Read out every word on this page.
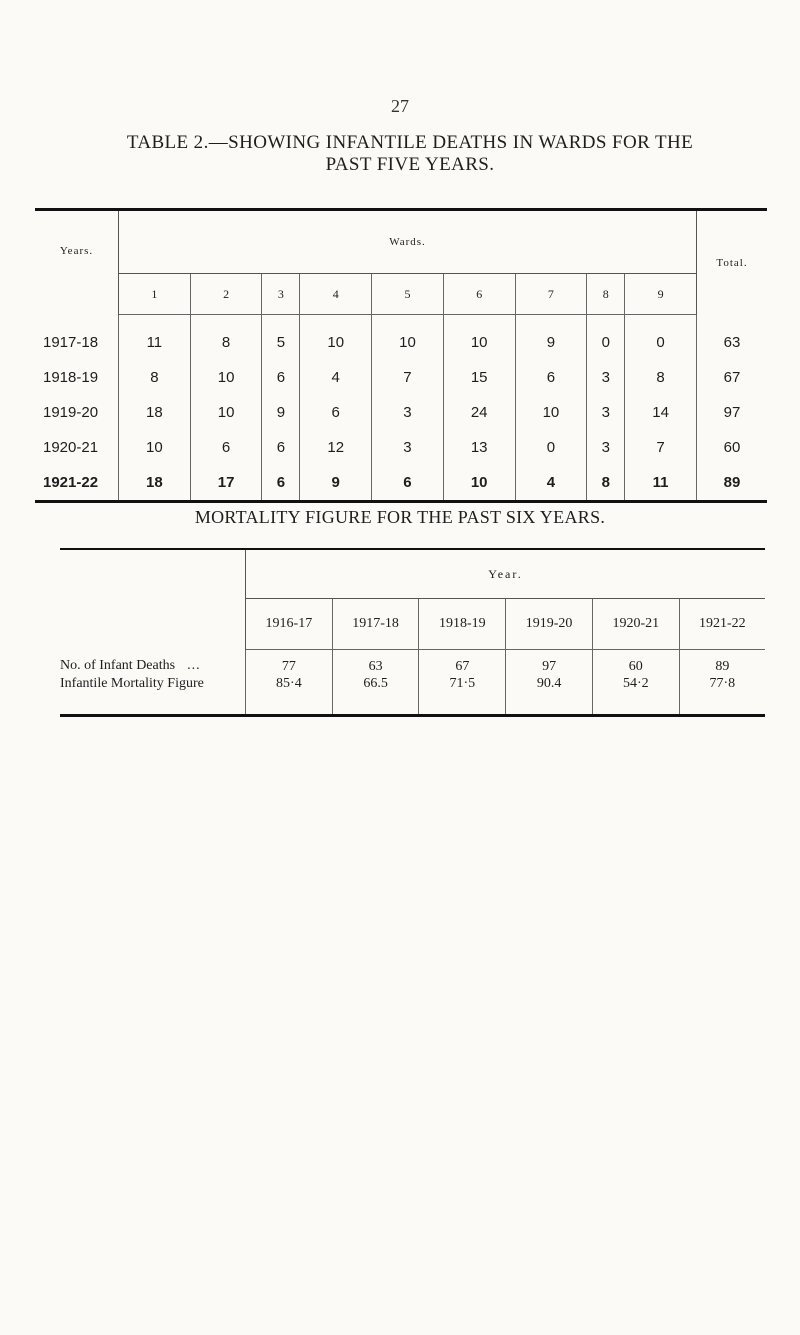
27
TABLE 2.—SHOWING INFANTILE DEATHS IN WARDS FOR THE
PAST FIVE YEARS.
Years.	Wards.									Total.
	1	2	3	4	5	6	7	8	9	
1917-18	11	8	5	10	10	10	9	0	0	63
1918-19	8	10	6	4	7	15	6	3	8	67
1919-20	18	10	9	6	3	24	10	3	14	97
1920-21	10	6	6	12	3	13	0	3	7	60
1921-22	18	17	6	9	6	10	4	8	11	89
MORTALITY FIGURE FOR THE PAST SIX YEARS.
	Year.					
	1916-17	1917-18	1918-19	1919-20	1920-21	1921-22
No. of Infant Deaths ...	77	63	67	97	60	89
Infantile Mortality Figure	85·4	66.5	71·5	90.4	54·2	77·8
